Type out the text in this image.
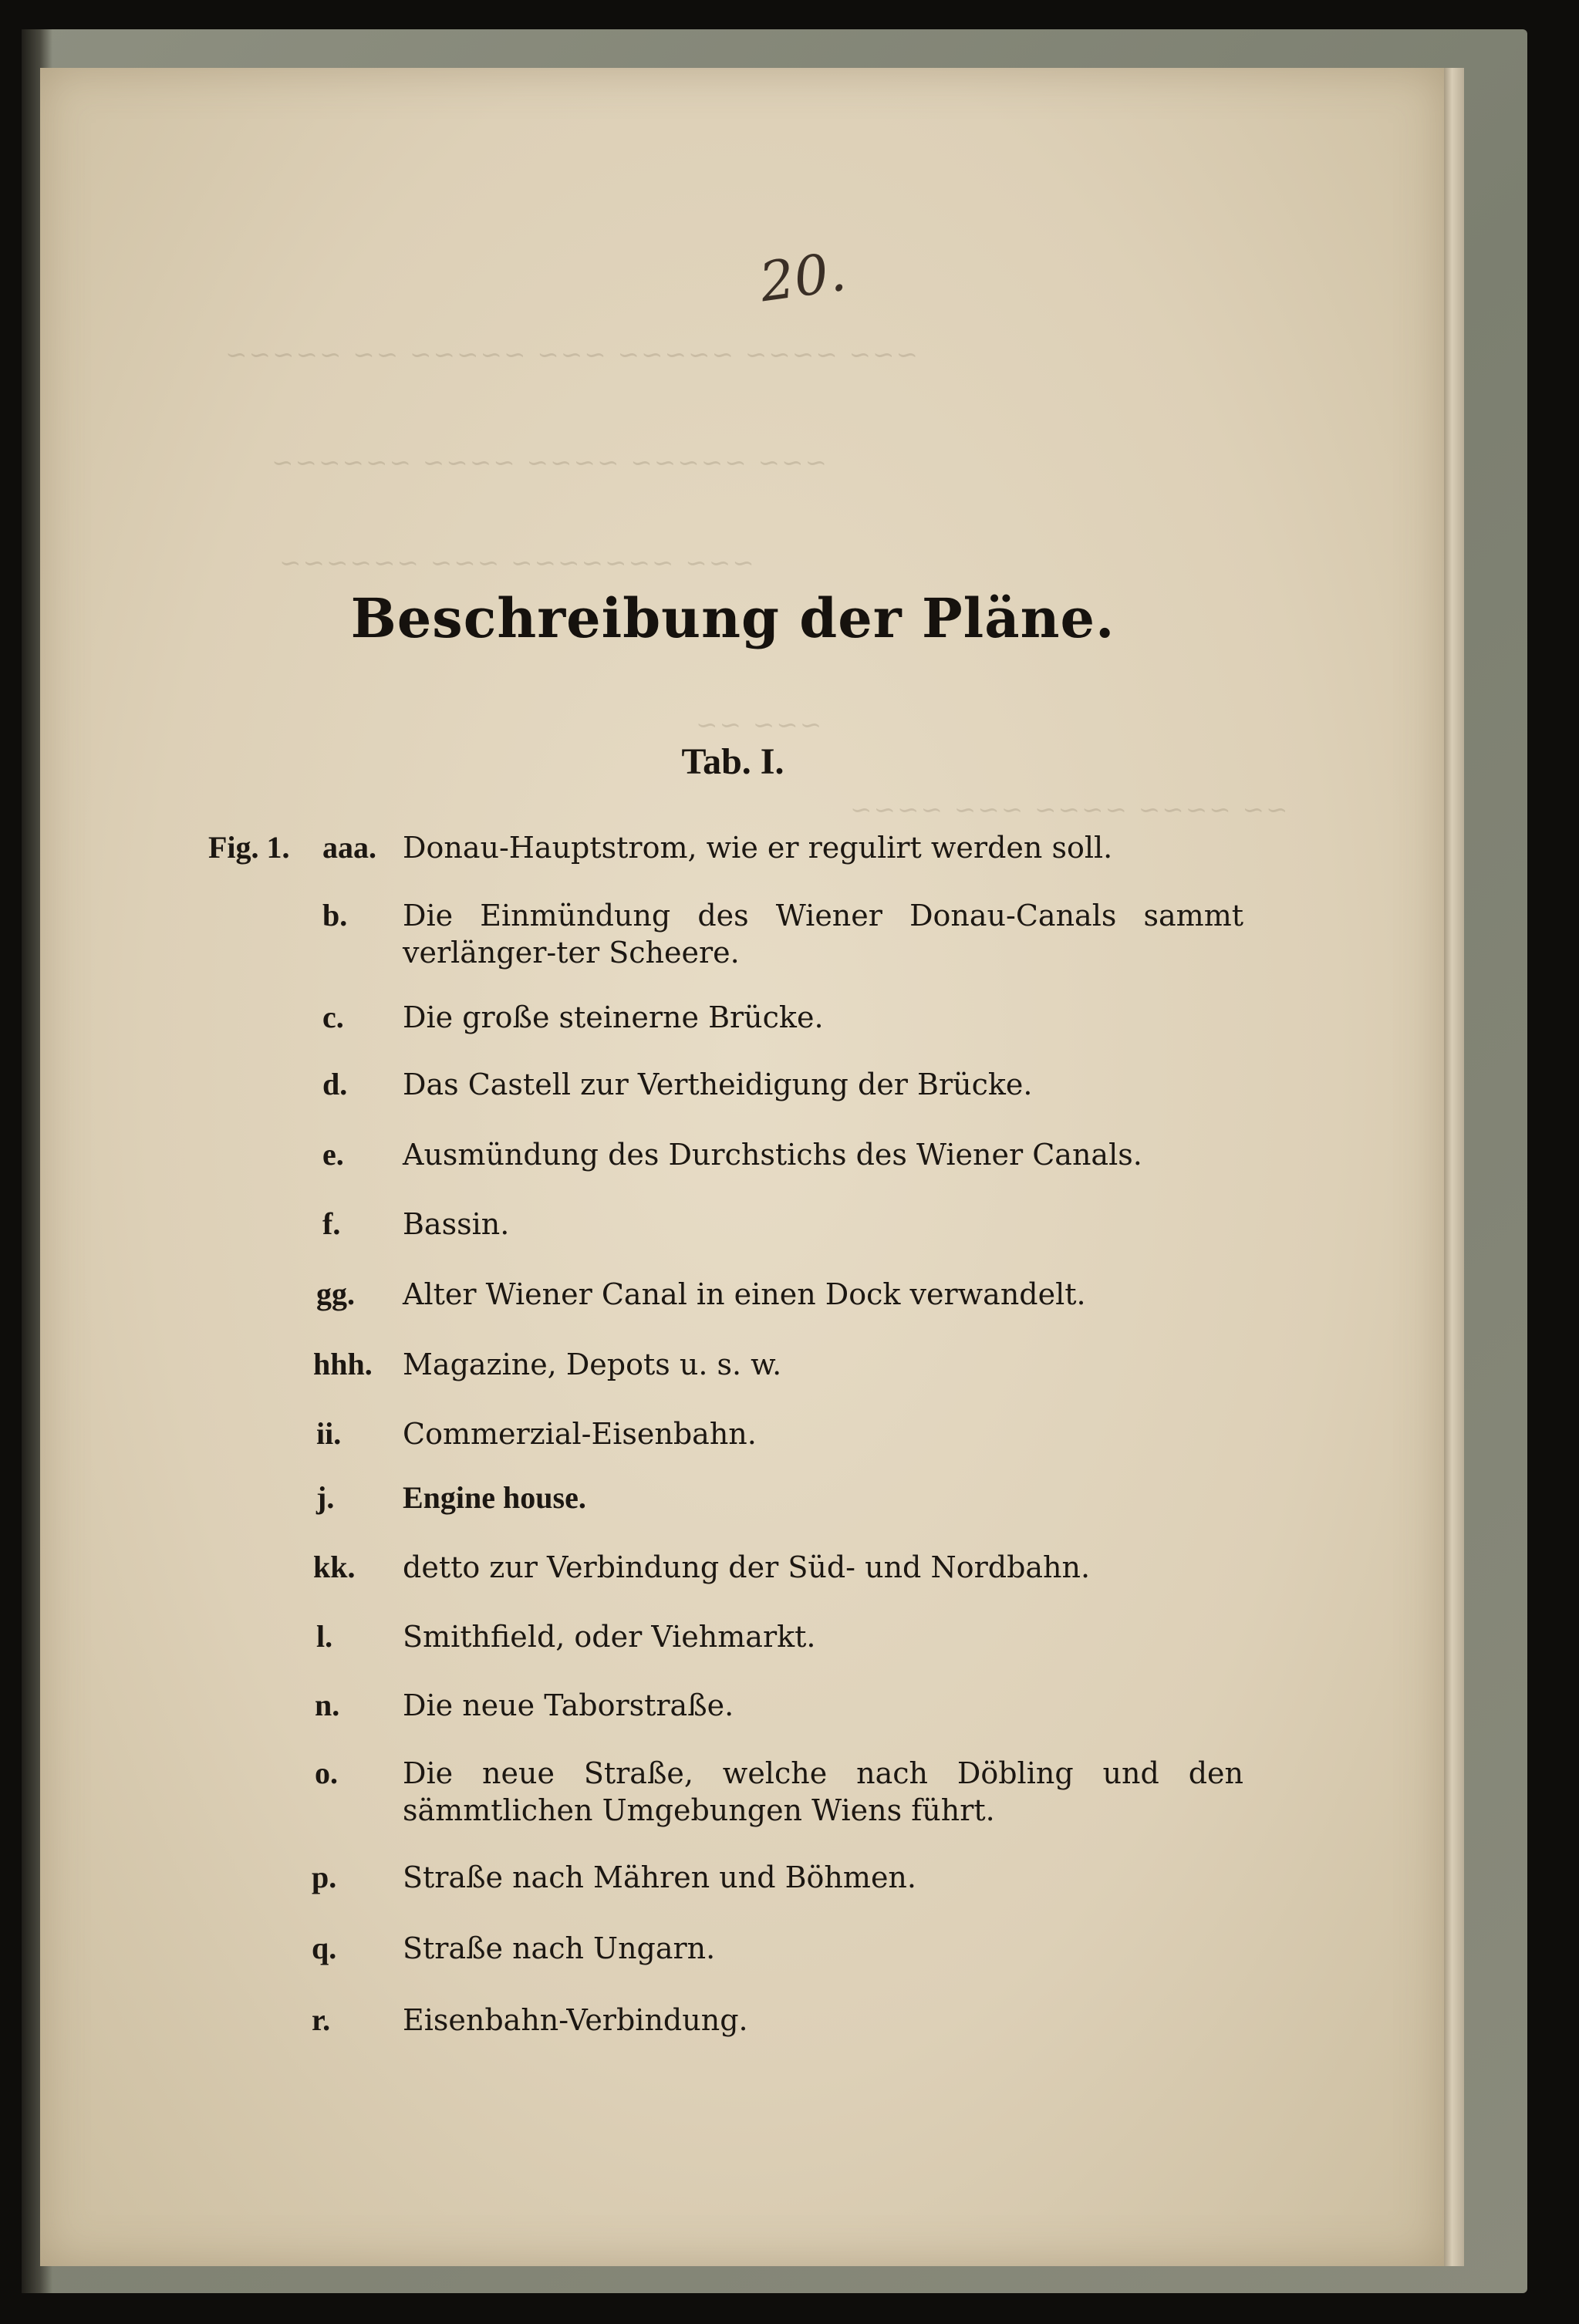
~~~ ~~~~ ~~~~~ ~~~ ~~~~~ ~~ ~~~~~
~~~ ~~~~~ ~~~~ ~~~~ ~~~~~~
~~~ ~~~~~~~ ~~~ ~~~~~~
~~~ ~~
~~ ~~~~ ~~~~ ~~~ ~~~~
20.
Beschreibung der Pläne.
Tab. I.
Fig. 1. aaa. Donau-Hauptstrom, wie er regulirt werden soll.
b. Die Einmündung des Wiener Donau-Canals sammt verlänger-ter Scheere.
c. Die große steinerne Brücke.
d. Das Castell zur Vertheidigung der Brücke.
e. Ausmündung des Durchstichs des Wiener Canals.
f. Bassin.
gg. Alter Wiener Canal in einen Dock verwandelt.
hhh. Magazine, Depots u. s. w.
ii. Commerzial-Eisenbahn.
j. Engine house.
kk. detto zur Verbindung der Süd- und Nordbahn.
l. Smithfield, oder Viehmarkt.
n. Die neue Taborstraße.
o. Die neue Straße, welche nach Döbling und den sämmtlichen Umgebungen Wiens führt.
p. Straße nach Mähren und Böhmen.
q. Straße nach Ungarn.
r. Eisenbahn-Verbindung.
